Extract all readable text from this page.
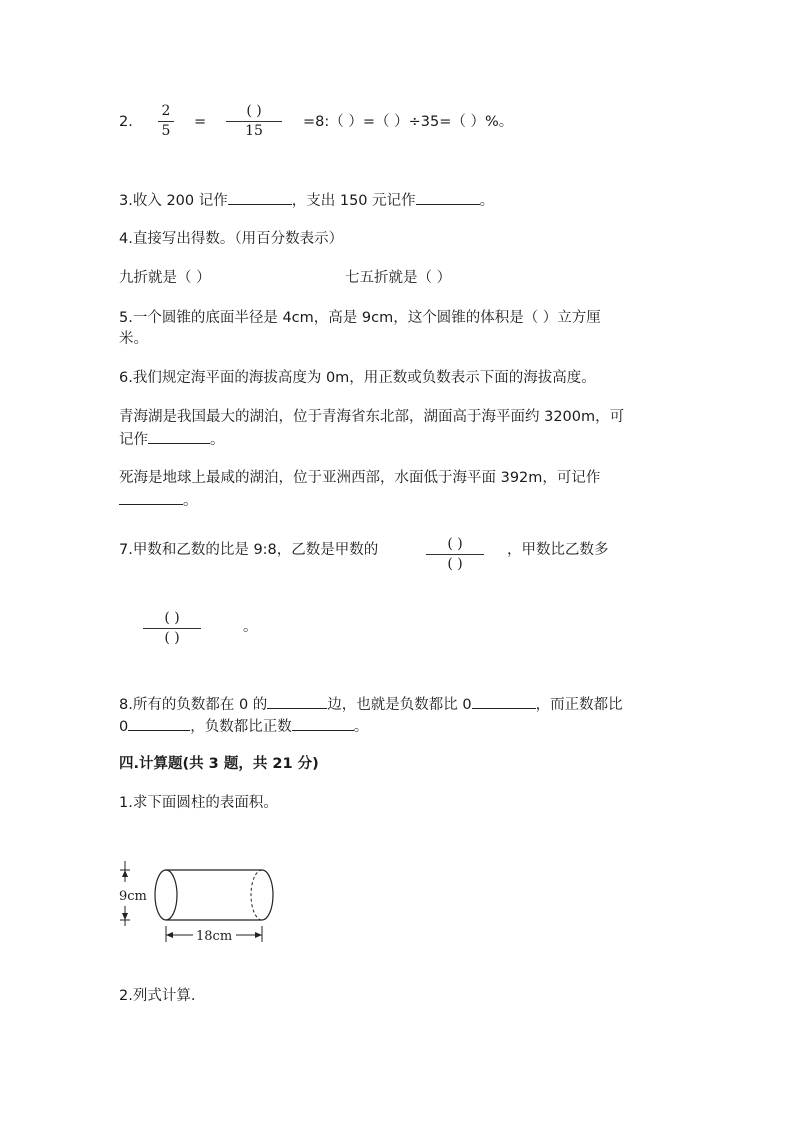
2.
2
5
=
( )
15
=8:（ ）=（ ）÷35=（ ）%。
3.收入 200 记作	，支出 150 元记作	。
4.直接写出得数。（用百分数表示）
九折就是（ ）	七五折就是（ ）
5.一个圆锥的底面半径是 4cm，高是 9cm，这个圆锥的体积是（ ）立方厘
米。
6.我们规定海平面的海拔高度为 0m，用正数或负数表示下面的海拔高度。
青海湖是我国最大的湖泊，位于青海省东北部，湖面高于海平面约 3200m，可
记作	。
死海是地球上最咸的湖泊，位于亚洲西部，水面低于海平面 392m，可记作
。
7.甲数和乙数的比是 9:8，乙数是甲数的	( )
( )
，甲数比乙数多
( )
( )
。
8.所有的负数都在 0 的	边，也就是负数都比 0	，而正数都比
0	，负数都比正数	。
四.计算题(共 3 题，共 21 分)
1.求下面圆柱的表面积。
9cm
18cm
2.列式计算.
